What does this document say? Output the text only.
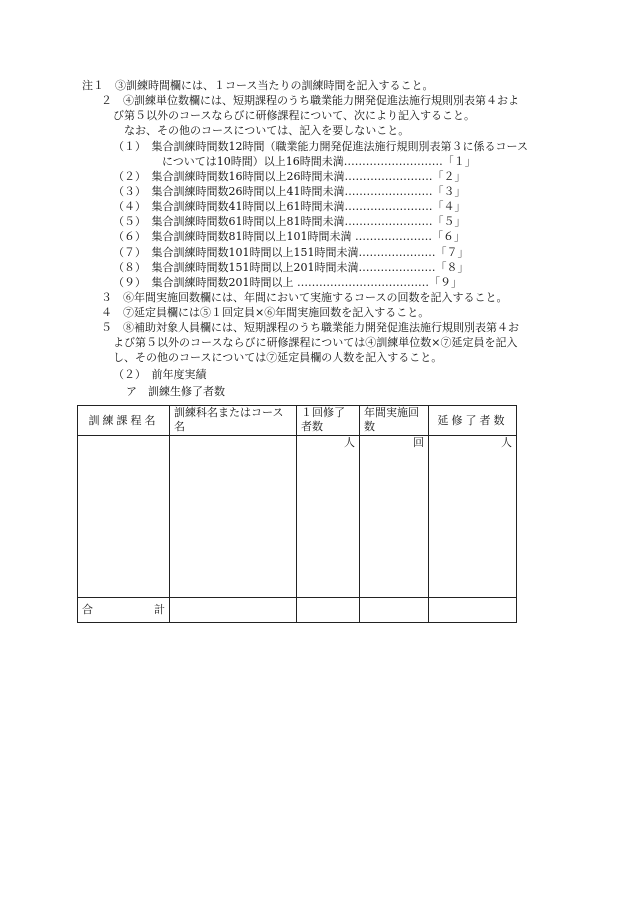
注１　③訓練時間欄には、１コース当たりの訓練時間を記入すること。
２　④訓練単位数欄には、短期課程のうち職業能力開発促進法施行規則別表第４およ
び第５以外のコースならびに研修課程について、次により記入すること。
なお、その他のコースについては、記入を要しないこと。
（１）　集合訓練時間数12時間（職業能力開発促進法施行規則別表第３に係るコース
については10時間）以上16時間未満………………………「１」
（２）　集合訓練時間数16時間以上26時間未満……………………「２」
（３）　集合訓練時間数26時間以上41時間未満……………………「３」
（４）　集合訓練時間数41時間以上61時間未満……………………「４」
（５）　集合訓練時間数61時間以上81時間未満……………………「５」
（６）　集合訓練時間数81時間以上101時間未満 …………………「６」
（７）　集合訓練時間数101時間以上151時間未満…………………「７」
（８）　集合訓練時間数151時間以上201時間未満…………………「８」
（９）　集合訓練時間数201時間以上 ………………………………「９」
３　⑥年間実施回数欄には、年間において実施するコースの回数を記入すること。
４　⑦延定員欄には⑤１回定員×⑥年間実施回数を記入すること。
５　⑧補助対象人員欄には、短期課程のうち職業能力開発促進法施行規則別表第４お
よび第５以外のコースならびに研修課程については④訓練単位数×⑦延定員を記入
し、その他のコースについては⑦延定員欄の人数を記入すること。
（２）　前年度実績
ア　訓練生修了者数
訓練課程名	訓練科名またはコース名	１回修了者数	年間実施回数	延修了者数
		人	回	人

合 計				
